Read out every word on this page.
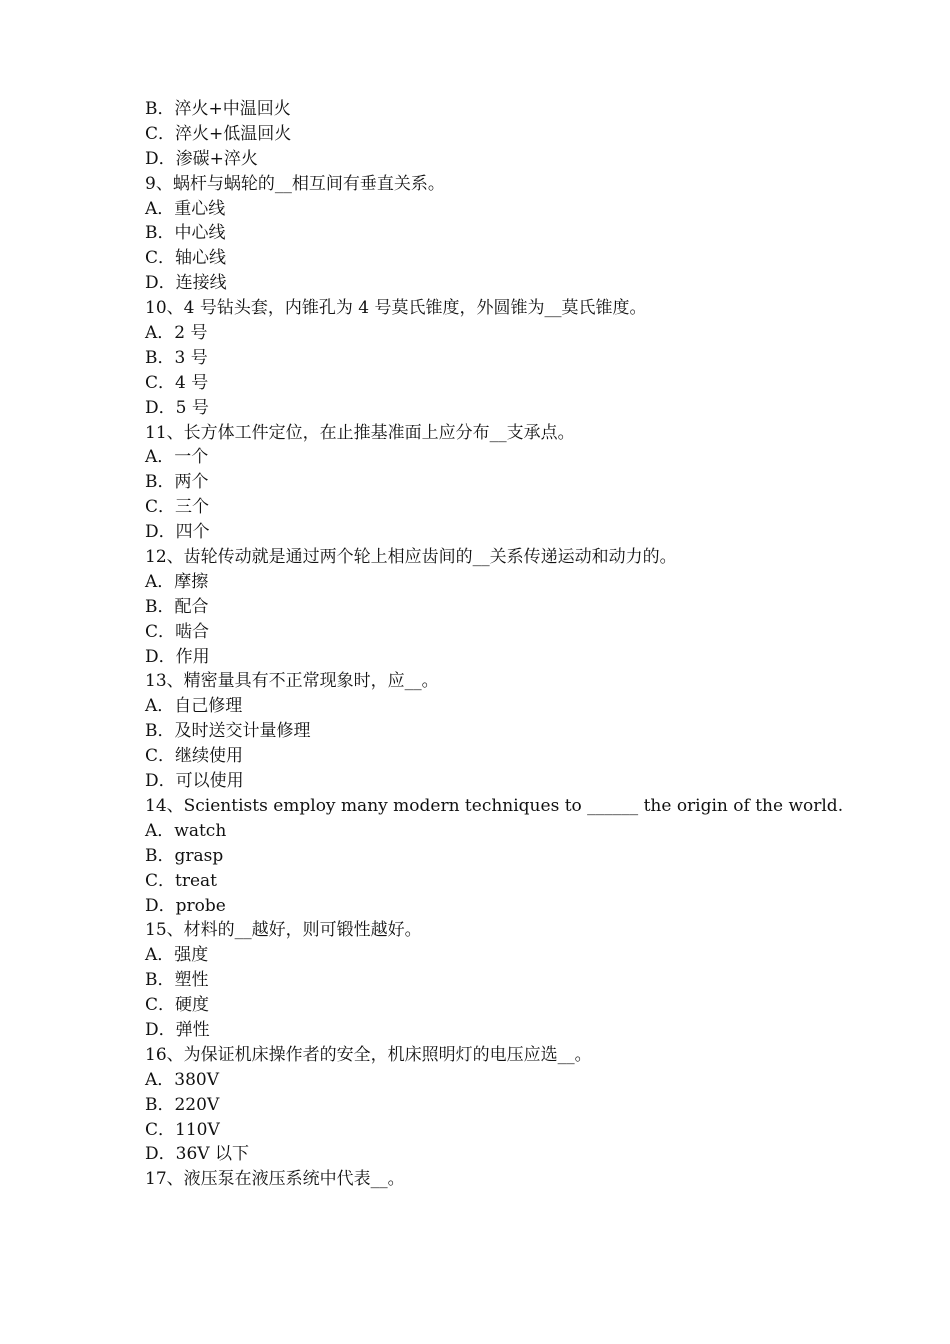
B．淬火+中温回火
C．淬火+低温回火
D．渗碳+淬火
9、蜗杆与蜗轮的__相互间有垂直关系。
A．重心线
B．中心线
C．轴心线
D．连接线
10、4 号钻头套，内锥孔为 4 号莫氏锥度，外圆锥为__莫氏锥度。
A．2 号
B．3 号
C．4 号
D．5 号
11、长方体工件定位，在止推基准面上应分布__支承点。
A．一个
B．两个
C．三个
D．四个
12、齿轮传动就是通过两个轮上相应齿间的__关系传递运动和动力的。
A．摩擦
B．配合
C．啮合
D．作用
13、精密量具有不正常现象时，应__。
A．自己修理
B．及时送交计量修理
C．继续使用
D．可以使用
14、Scientists employ many modern techniques to ______ the origin of the world.
A．watch
B．grasp
C．treat
D．probe
15、材料的__越好，则可锻性越好。
A．强度
B．塑性
C．硬度
D．弹性
16、为保证机床操作者的安全，机床照明灯的电压应选__。
A．380V
B．220V
C．110V
D．36V 以下
17、液压泵在液压系统中代表__。
